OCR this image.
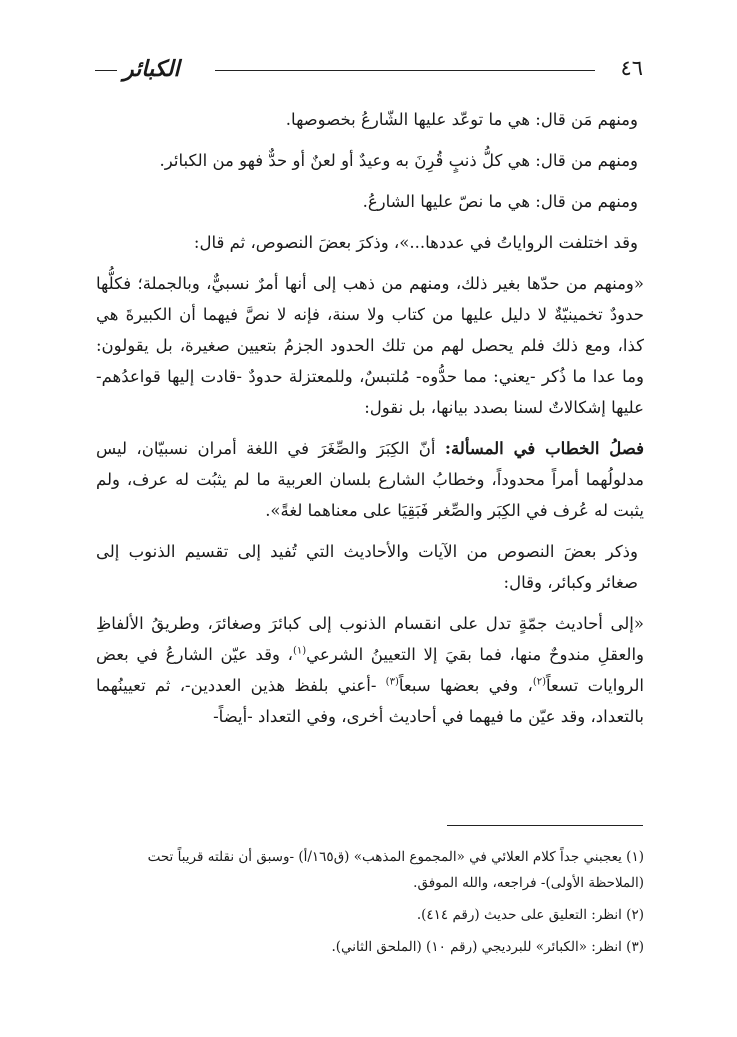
الكبائر	٤٦

ومنهم مَن قال: هي ما توعّد عليها الشّارعُ بخصوصها.

ومنهم من قال: هي كلُّ ذنبٍ قُرِنَ به وعيدٌ أو لعنٌ أو حدٌّ فهو من الكبائر.

ومنهم من قال: هي ما نصّ عليها الشارعُ.

وقد اختلفت الرواياتُ في عددها...»، وذكرَ بعضَ النصوص، ثم قال:

«ومنهم من حدّها بغير ذلك، ومنهم من ذهب إلى أنها أمرٌ نسبيٌّ، وبالجملة؛ فكلُّها حدودٌ تخمينيّةٌ لا دليل عليها من كتاب ولا سنة، فإنه لا نصَّ فيهما أن الكبيرةَ هي كذا، ومع ذلك فلم يحصل لهم من تلك الحدود الجزمُ بتعيين صغيرة، بل يقولون: وما عدا ما ذُكر -يعني: مما حدُّوه- مُلتبسٌ، وللمعتزلة حدودٌ -قادت إليها قواعدُهم- عليها إشكالاتٌ لسنا بصدد بيانها، بل نقول:

فصلُ الخطاب في المسألة: أنّ الكِبَرَ والصِّغَرَ في اللغة أمران نسبيّان، ليس مدلولُهما أمراً محدوداً، وخطابُ الشارع بلسان العربية ما لم يثبُت له عرف، ولم يثبت له عُرف في الكِبَر والصِّغر فَبَقِيَا على معناهما لغةً».

وذكر بعضَ النصوص من الآيات والأحاديث التي تُفيد إلى تقسيم الذنوب إلى صغائر وكبائر، وقال:

«إلى أحاديث جمّةٍ تدل على انقسام الذنوب إلى كبائرَ وصغائرَ، وطريقُ الألفاظِ والعقلِ مندوحٌ منها، فما بقيَ إلا التعيينُ الشرعي$^{(١)}$، وقد عيّن الشارعُ في بعض الروايات تسعاً$^{(٢)}$، وفي بعضها سبعاً$^{(٣)}$ -أعني بلفظ هذين العددين-، ثم تعيينُهما بالتعداد، وقد عيّن ما فيهما في أحاديث أخرى، وفي التعداد -أيضاً-

(١) يعجبني جداً كلام العلائي في «المجموع المذهب» (ق١٦٥/أ) -وسبق أن نقلته قريباً تحت

(الملاحظة الأولى)- فراجعه، والله الموفق.

(٢) انظر: التعليق على حديث (رقم ٤١٤).

(٣) انظر: «الكبائر» للبرديجي (رقم ١٠) (الملحق الثاني).
